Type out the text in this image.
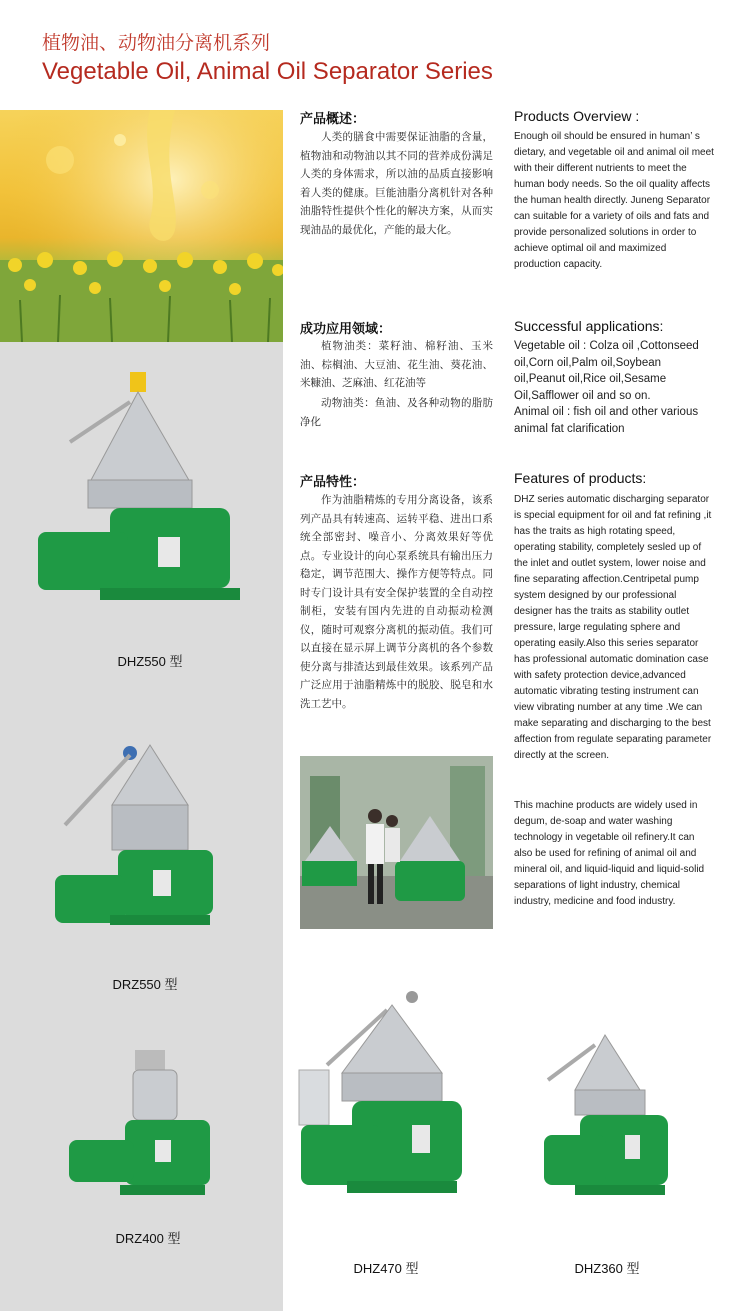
植物油、动物油分离机系列
Vegetable Oil, Animal Oil Separator Series
DHZ550 型
DRZ550 型
DRZ400 型
产品概述：
人类的膳食中需要保证油脂的含量，植物油和动物油以其不同的营养成份满足人类的身体需求，所以油的品质直接影响着人类的健康。巨能油脂分离机针对各种油脂特性提供个性化的解决方案，从而实现油品的最优化，产能的最大化。
Products Overview :
Enough oil should be ensured in human’ s dietary, and vegetable oil and animal oil meet with their different nutrients to meet the human body needs. So the oil quality affects the human health directly. Juneng Separator can suitable for a variety of oils and fats and provide personalized solutions in order to achieve optimal oil and maximized production capacity.
成功应用领域：
植物油类：菜籽油、棉籽油、玉米油、棕榈油、大豆油、花生油、葵花油、米糠油、芝麻油、红花油等
动物油类：鱼油、及各种动物的脂肪净化
Successful applications:
Vegetable oil : Colza oil ,Cottonseed oil,Corn oil,Palm oil,Soybean oil,Peanut oil,Rice oil,Sesame Oil,Safflower oil and so on.
Animal oil : fish oil and other various animal fat clarification
产品特性：
作为油脂精炼的专用分离设备，该系列产品具有转速高、运转平稳、进出口系统全部密封、噪音小、分离效果好等优点。专业设计的向心泵系统具有输出压力稳定，调节范围大、操作方便等特点。同时专门设计具有安全保护装置的全自动控制柜，安装有国内先进的自动振动检测仪，随时可观察分离机的振动值。我们可以直接在显示屏上调节分离机的各个参数使分离与排渣达到最佳效果。该系列产品广泛应用于油脂精炼中的脱胶、脱皂和水洗工艺中。
Features of products:
DHZ series automatic discharging separator is special equipment for oil and fat refining ,it has the traits as high rotating speed, operating stability, completely sesled up of the inlet and outlet system, lower noise and fine separating affection.Centripetal pump system designed by our professional designer has the traits as stability outlet pressure, large regulating sphere and operating easily.Also this series separator has professional automatic domination case with safety protection device,advanced automatic vibrating testing instrument can view vibrating number at any time .We can make separating and discharging to the best affection from regulate separating parameter directly at the screen.
This machine products are widely used in degum, de-soap and water washing technology in vegetable oil refinery.It can also be used for refining of animal oil and mineral oil, and liquid-liquid and liquid-solid separations of light industry, chemical industry, medicine and food industry.
DHZ470 型	DHZ360 型
